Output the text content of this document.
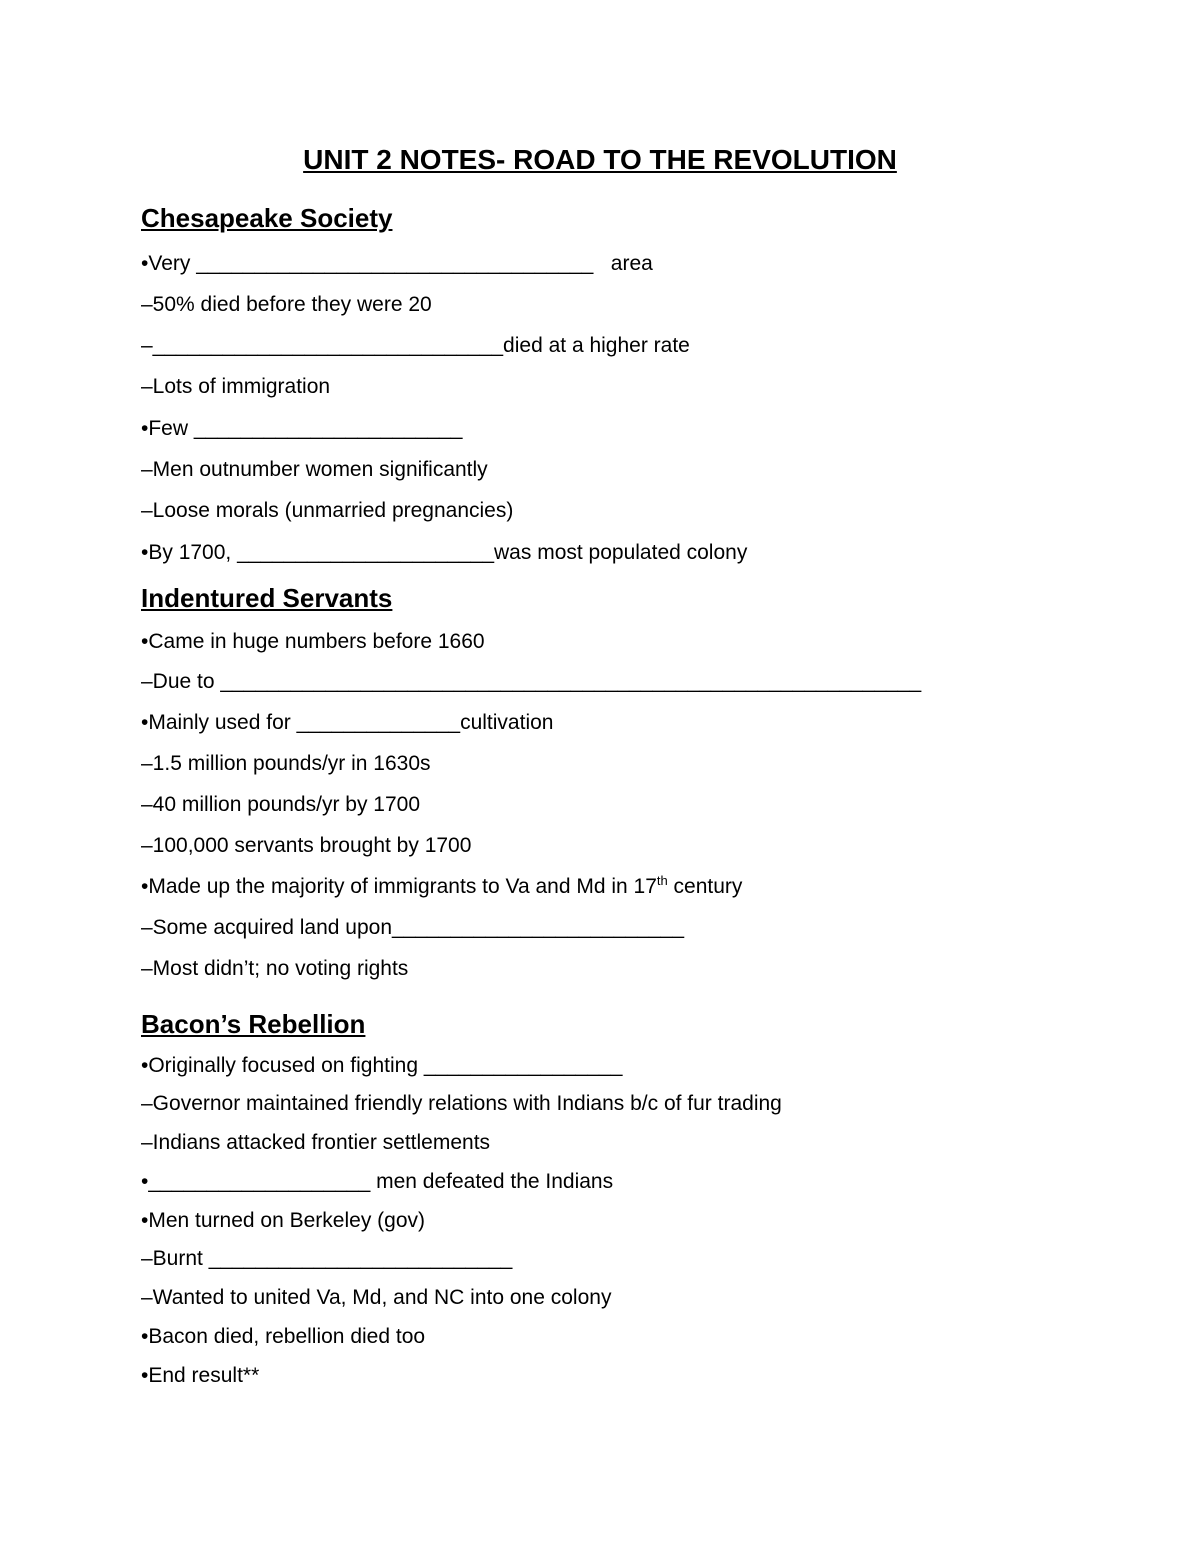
UNIT 2 NOTES- ROAD TO THE REVOLUTION
Chesapeake Society
•Very __________________________________   area
–50% died before they were 20
–______________________________died at a higher rate
–Lots of immigration
•Few _______________________
–Men outnumber women significantly
–Loose morals (unmarried pregnancies)
•By 1700, ______________________was most populated colony
Indentured Servants
•Came in huge numbers before 1660
–Due to ____________________________________________________________
•Mainly used for ______________cultivation
–1.5 million pounds/yr in 1630s
–40 million pounds/yr by 1700
–100,000 servants brought by 1700
•Made up the majority of immigrants to Va and Md in 17th century
–Some acquired land upon_________________________
–Most didn’t; no voting rights
Bacon’s Rebellion
•Originally focused on fighting _________________
–Governor maintained friendly relations with Indians b/c of fur trading
–Indians attacked frontier settlements
•___________________ men defeated the Indians
•Men turned on Berkeley (gov)
–Burnt __________________________
–Wanted to united Va, Md, and NC into one colony
•Bacon died, rebellion died too
•End result**
